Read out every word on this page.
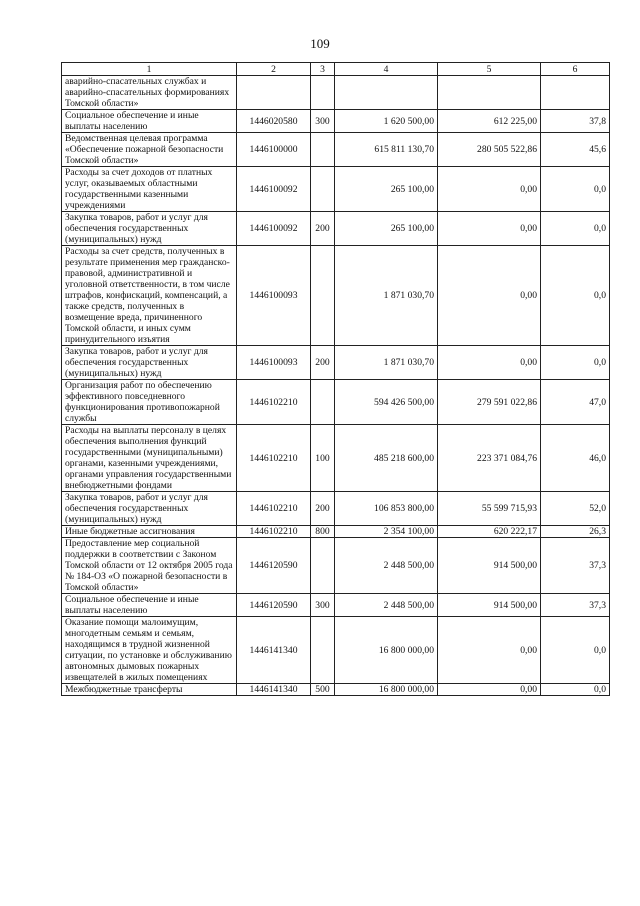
109
1	2	3	4	5	6
аварийно-спасательных службах и аварийно-спасательных формированиях Томской области»					
Социальное обеспечение и иные выплаты населению	1446020580	300	1 620 500,00	612 225,00	37,8
Ведомственная целевая программа «Обеспечение пожарной безопасности Томской области»	1446100000		615 811 130,70	280 505 522,86	45,6
Расходы за счет доходов от платных услуг, оказываемых областными государственными казенными учреждениями	1446100092		265 100,00	0,00	0,0
Закупка товаров, работ и услуг для обеспечения государственных (муниципальных) нужд	1446100092	200	265 100,00	0,00	0,0
Расходы за счет средств, полученных в результате применения мер гражданско-правовой, административной и уголовной ответственности, в том числе штрафов, конфискаций, компенсаций, а также средств, полученных в возмещение вреда, причиненного Томской области, и иных сумм принудительного изъятия	1446100093		1 871 030,70	0,00	0,0
Закупка товаров, работ и услуг для обеспечения государственных (муниципальных) нужд	1446100093	200	1 871 030,70	0,00	0,0
Организация работ по обеспечению эффективного повседневного функционирования противопожарной службы	1446102210		594 426 500,00	279 591 022,86	47,0
Расходы на выплаты персоналу в целях обеспечения выполнения функций государственными (муниципальными) органами, казенными учреждениями, органами управления государственными внебюджетными фондами	1446102210	100	485 218 600,00	223 371 084,76	46,0
Закупка товаров, работ и услуг для обеспечения государственных (муниципальных) нужд	1446102210	200	106 853 800,00	55 599 715,93	52,0
Иные бюджетные ассигнования	1446102210	800	2 354 100,00	620 222,17	26,3
Предоставление мер социальной поддержки в соответствии с Законом Томской области от 12 октября 2005 года № 184-ОЗ «О пожарной безопасности в Томской области»	1446120590		2 448 500,00	914 500,00	37,3
Социальное обеспечение и иные выплаты населению	1446120590	300	2 448 500,00	914 500,00	37,3
Оказание помощи малоимущим, многодетным семьям и семьям, находящимся в трудной жизненной ситуации, по установке и обслуживанию автономных дымовых пожарных извещателей в жилых помещениях	1446141340		16 800 000,00	0,00	0,0
Межбюджетные трансферты	1446141340	500	16 800 000,00	0,00	0,0
